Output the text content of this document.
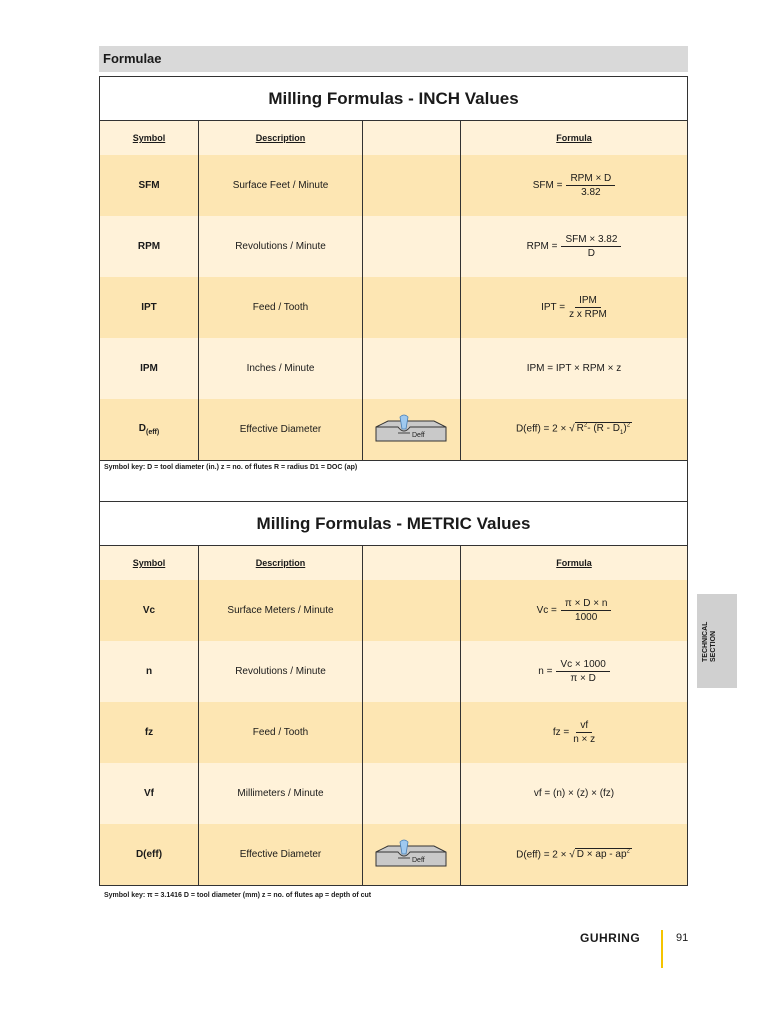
Formulae
Milling Formulas - INCH Values
Symbol	Description		Formula
SFM	Surface Feet / Minute		SFM = $\frac{\text{RPM × D}}{3.82}$

RPM	Revolutions / Minute		RPM = $\frac{\text{SFM × 3.82}}{D}$

IPT	Feed / Tooth		IPT = $\frac{\text{IPM}}{\text{z x RPM}}$

IPM	Inches / Minute		IPM = IPT × RPM × z
$D_{(eff)}$	Effective Diameter	Deff	D(eff) = 2 × √ $R^2-$ $(R - D_1)^2$
Symbol key: D = tool diameter (in.) z = no. of flutes R = radius D1 = DOC (ap)
Milling Formulas - METRIC Values
Symbol	Description		Formula
Vc	Surface Meters / Minute		$Vc = \frac{\pi \times D \times n}{1000}$

n	Revolutions / Minute		$n = \frac{Vc \times 1000}{\pi \times D}$

fz	Feed / Tooth		fz = $\frac{vf}{n \times z}$

Vf	Millimeters / Minute		vf = (n) × (z) × (fz)
D(eff)	Effective Diameter	Deff	D(eff) = 2 × √ D × ap - $ap^2$
Symbol key: π = 3.1416 D = tool diameter (mm) z = no. of flutes ap = depth of cut
TECHNICAL
SECTION
GUHRING	91
